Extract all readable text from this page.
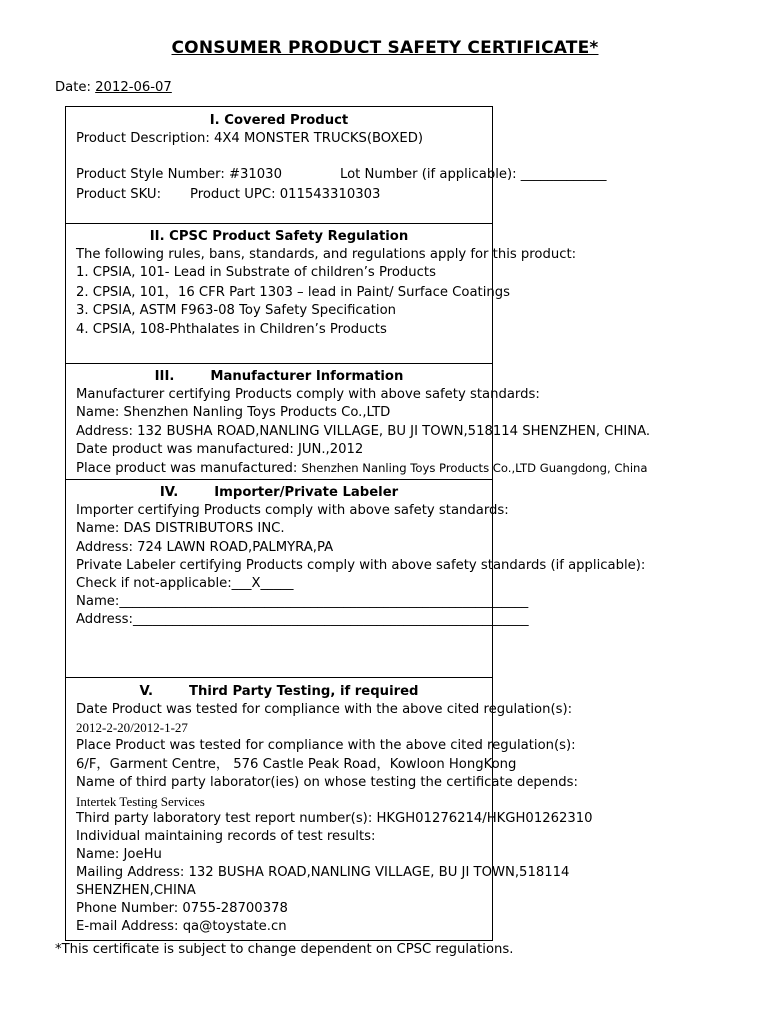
CONSUMER PRODUCT SAFETY CERTIFICATE*
Date: 2012-06-07
I. Covered Product
Product Description: 4X4 MONSTER TRUCKS(BOXED)
Product Style Number: #31030	Lot Number (if applicable): _____________
Product SKU: Product UPC: 011543310303
II. CPSC Product Safety Regulation
The following rules, bans, standards, and regulations apply for this product:
1. CPSIA, 101- Lead in Substrate of children’s Products
2. CPSIA, 101，16 CFR Part 1303 – lead in Paint/ Surface Coatings
3. CPSIA, ASTM F963-08 Toy Safety Specification
4. CPSIA, 108-Phthalates in Children’s Products
III.	Manufacturer Information
Manufacturer certifying Products comply with above safety standards:
Name: Shenzhen Nanling Toys Products Co.,LTD
Address: 132 BUSHA ROAD,NANLING VILLAGE, BU JI TOWN,518114 SHENZHEN, CHINA.
Date product was manufactured: JUN.,2012
Place product was manufactured: Shenzhen Nanling Toys Products Co.,LTD Guangdong, China
IV.	Importer/Private Labeler
Importer certifying Products comply with above safety standards:
Name: DAS DISTRIBUTORS INC.
Address: 724 LAWN ROAD,PALMYRA,PA
Private Labeler certifying Products comply with above safety standards (if applicable):
Check if not-applicable:___X_____
Name:______________________________________________________________
Address:____________________________________________________________
V.	Third Party Testing, if required
Date Product was tested for compliance with the above cited regulation(s):
2012-2-20/2012-1-27
Place Product was tested for compliance with the above cited regulation(s):
6/F，Garment Centre， 576 Castle Peak Road，Kowloon HongKong
Name of third party laborator(ies) on whose testing the certificate depends:
Intertek Testing Services
Third party laboratory test report number(s): HKGH01276214/HKGH01262310
Individual maintaining records of test results:
Name: JoeHu
Mailing Address: 132 BUSHA ROAD,NANLING VILLAGE, BU JI TOWN,518114
SHENZHEN,CHINA
Phone Number: 0755-28700378
E-mail Address: qa@toystate.cn
*This certificate is subject to change dependent on CPSC regulations.
